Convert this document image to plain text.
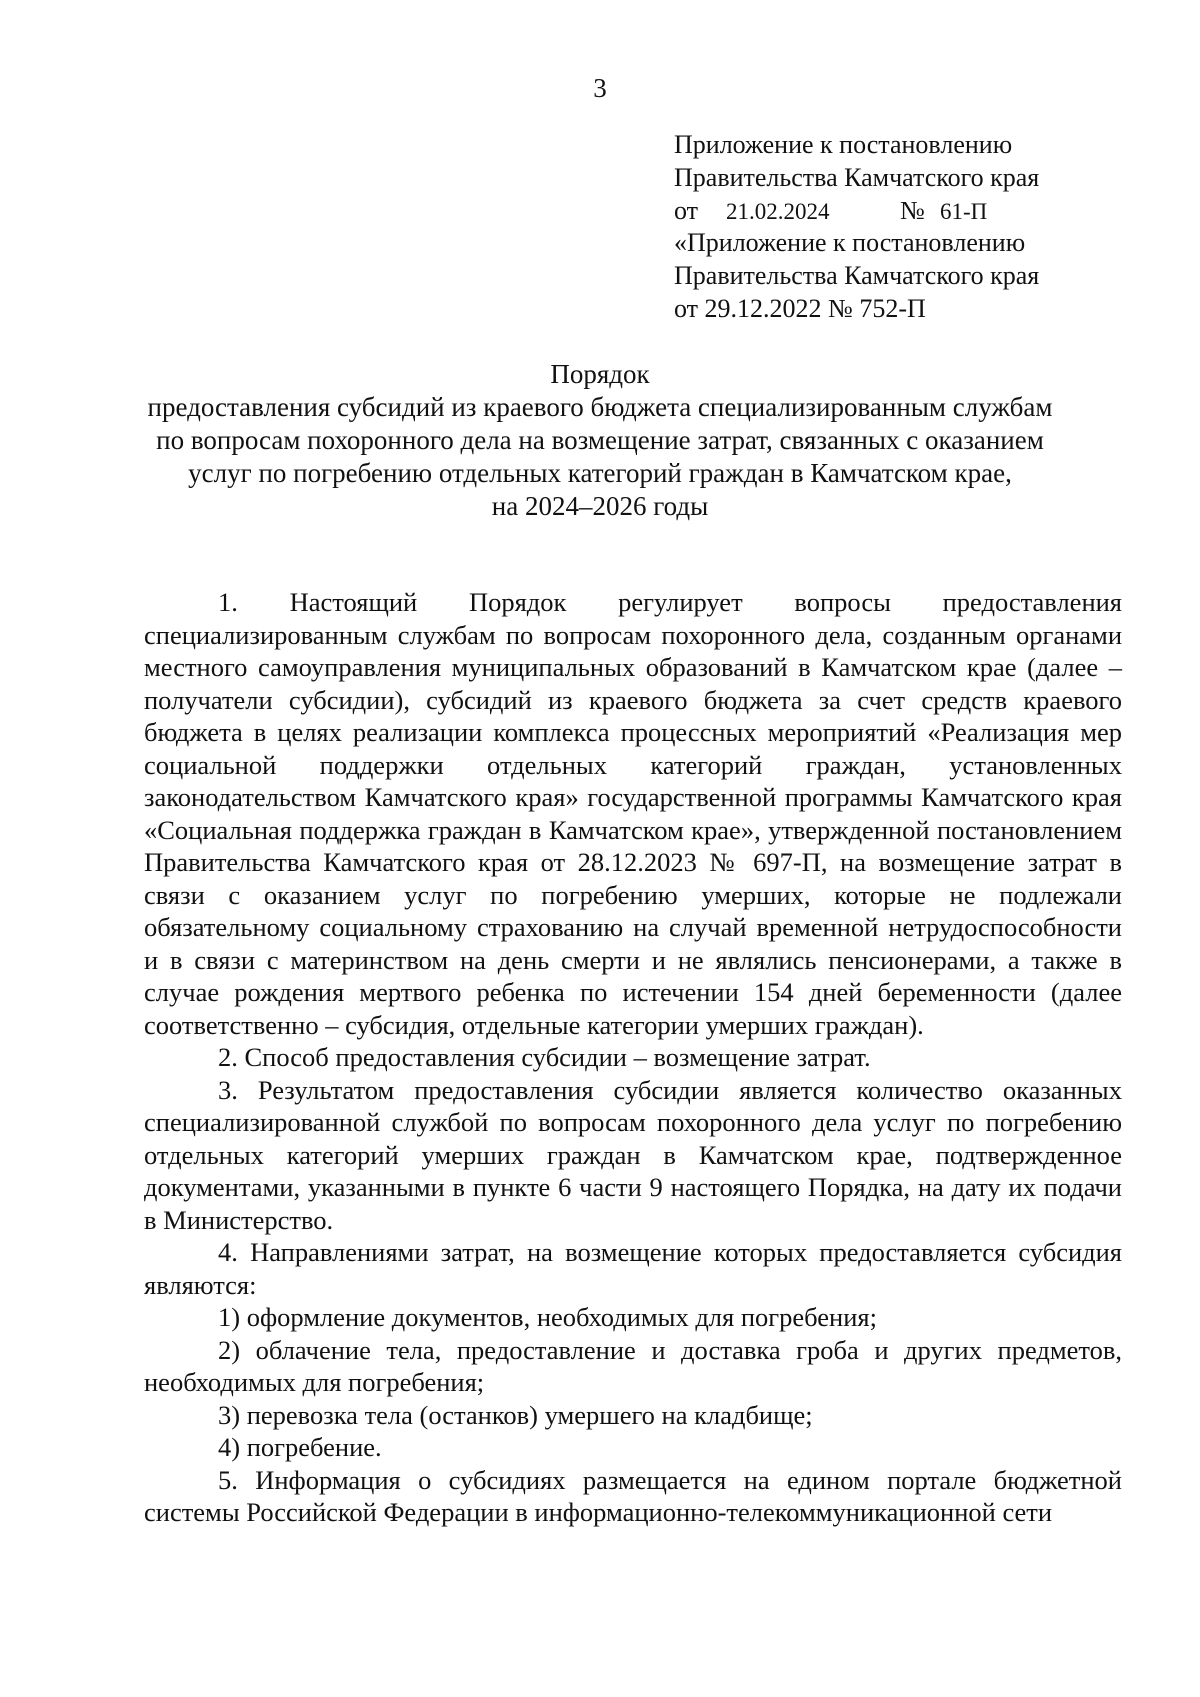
3
Приложение к постановлению
Правительства Камчатского края
от 21.02.2024	№ 61-П
«Приложение к постановлению
Правительства Камчатского края
от 29.12.2022 № 752-П
Порядок
предоставления субсидий из краевого бюджета специализированным службам
по вопросам похоронного дела на возмещение затрат, связанных с оказанием
услуг по погребению отдельных категорий граждан в Камчатском крае,
на 2024–2026 годы

1. Настоящий Порядок регулирует вопросы предоставления специализированным службам по вопросам похоронного дела, созданным органами местного самоуправления муниципальных образований в Камчатском крае (далее – получатели субсидии), субсидий из краевого бюджета за счет средств краевого бюджета в целях реализации комплекса процессных мероприятий «Реализация мер социальной поддержки отдельных категорий граждан, установленных законодательством Камчатского края» государственной программы Камчатского края «Социальная поддержка граждан в Камчатском крае», утвержденной постановлением Правительства Камчатского края от 28.12.2023 № 697-П, на возмещение затрат в связи с оказанием услуг по погребению умерших, которые не подлежали обязательному социальному страхованию на случай временной нетрудоспособности и в связи с материнством на день смерти и не являлись пенсионерами, а также в случае рождения мертвого ребенка по истечении 154 дней беременности (далее соответственно – субсидия, отдельные категории умерших граждан).

2. Способ предоставления субсидии – возмещение затрат.

3. Результатом предоставления субсидии является количество оказанных специализированной службой по вопросам похоронного дела услуг по погребению отдельных категорий умерших граждан в Камчатском крае, подтвержденное документами, указанными в пункте 6 части 9 настоящего Порядка, на дату их подачи в Министерство.

4. Направлениями затрат, на возмещение которых предоставляется субсидия являются:

1) оформление документов, необходимых для погребения;

2) облачение тела, предоставление и доставка гроба и других предметов, необходимых для погребения;

3) перевозка тела (останков) умершего на кладбище;

4) погребение.

5. Информация о субсидиях размещается на едином портале бюджетной системы Российской Федерации в информационно-телекоммуникационной сети
